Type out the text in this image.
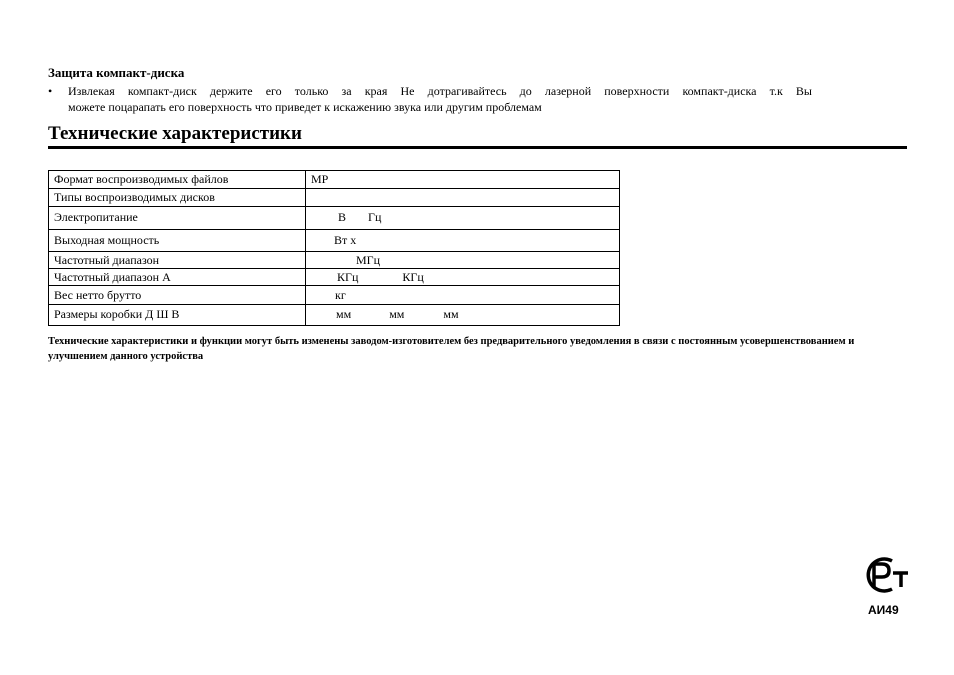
Защита компакт-диска
• Извлекая компакт-диск держите его только за края Не дотрагивайтесь до лазерной поверхности компакт-диска т.к Вы
можете поцарапать его поверхность что приведет к искажению звука или другим проблемам
Технические характеристики
Формат воспроизводимых файлов	МР
Типы воспроизводимых дисков	
Электропитание	В Гц
Выходная мощность	Вт х
Частотный диапазон	МГц
Частотный диапазон А	КГц КГц
Вес нетто брутто	кг
Размеры коробки Д Ш В	мм мм мм

Технические характеристики и функции могут быть изменены заводом-изготовителем без предварительного уведомления в связи с постоянным усовершенствованием и улучшением данного устройства

АИ49
